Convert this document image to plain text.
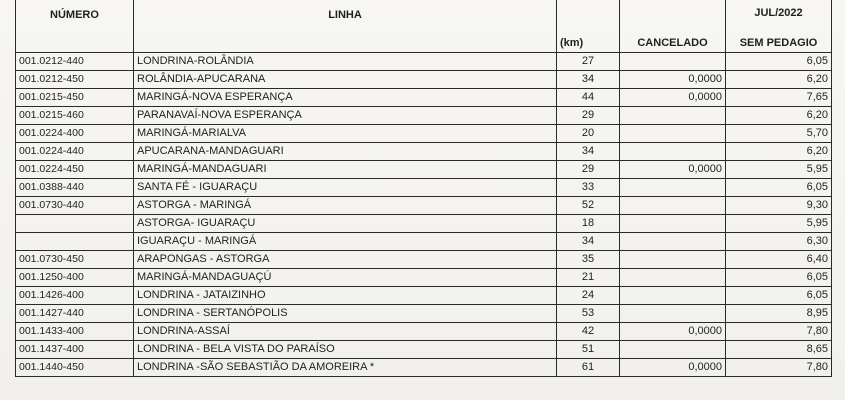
NÚMERO	LINHA			JUL/2022
		(km)	CANCELADO	SEM PEDAGIO
001.0212-440	LONDRINA-ROLÂNDIA	27		6,05
001.0212-450	ROLÂNDIA-APUCARANA	34	0,0000	6,20
001.0215-450	MARINGÁ-NOVA ESPERANÇA	44	0,0000	7,65
001.0215-460	PARANAVAÍ-NOVA ESPERANÇA	29		6,20
001.0224-400	MARINGÁ-MARIALVA	20		5,70
001.0224-440	APUCARANA-MANDAGUARI	34		6,20
001.0224-450	MARINGÁ-MANDAGUARI	29	0,0000	5,95
001.0388-440	SANTA FÉ - IGUARAÇU	33		6,05
001.0730-440	ASTORGA - MARINGÁ	52		9,30
	ASTORGA- IGUARAÇU	18		5,95
	IGUARAÇU - MARINGÁ	34		6,30
001.0730-450	ARAPONGAS - ASTORGA	35		6,40
001.1250-400	MARINGÁ-MANDAGUAÇÚ	21		6,05
001.1426-400	LONDRINA - JATAIZINHO	24		6,05
001.1427-440	LONDRINA - SERTANÓPOLIS	53		8,95
001.1433-400	LONDRINA-ASSAÍ	42	0,0000	7,80
001.1437-400	LONDRINA - BELA VISTA DO PARAÍSO	51		8,65
001.1440-450	LONDRINA -SÃO SEBASTIÃO DA AMOREIRA *	61	0,0000	7,80
